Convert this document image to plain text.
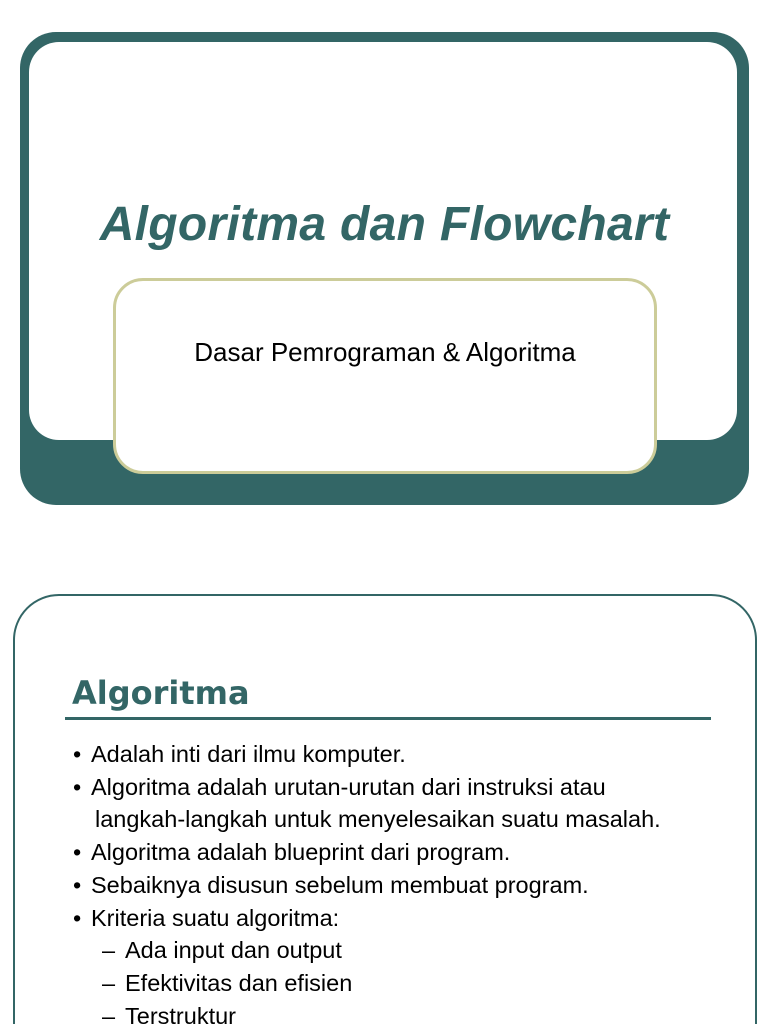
Algoritma dan Flowchart
Dasar Pemrograman & Algoritma
Algoritma
• Adalah inti dari ilmu komputer.
• Algoritma adalah urutan-urutan dari instruksi atau
langkah-langkah untuk menyelesaikan suatu masalah.
• Algoritma adalah blueprint dari program.
• Sebaiknya disusun sebelum membuat program.
• Kriteria suatu algoritma:
– Ada input dan output
– Efektivitas dan efisien
– Terstruktur
